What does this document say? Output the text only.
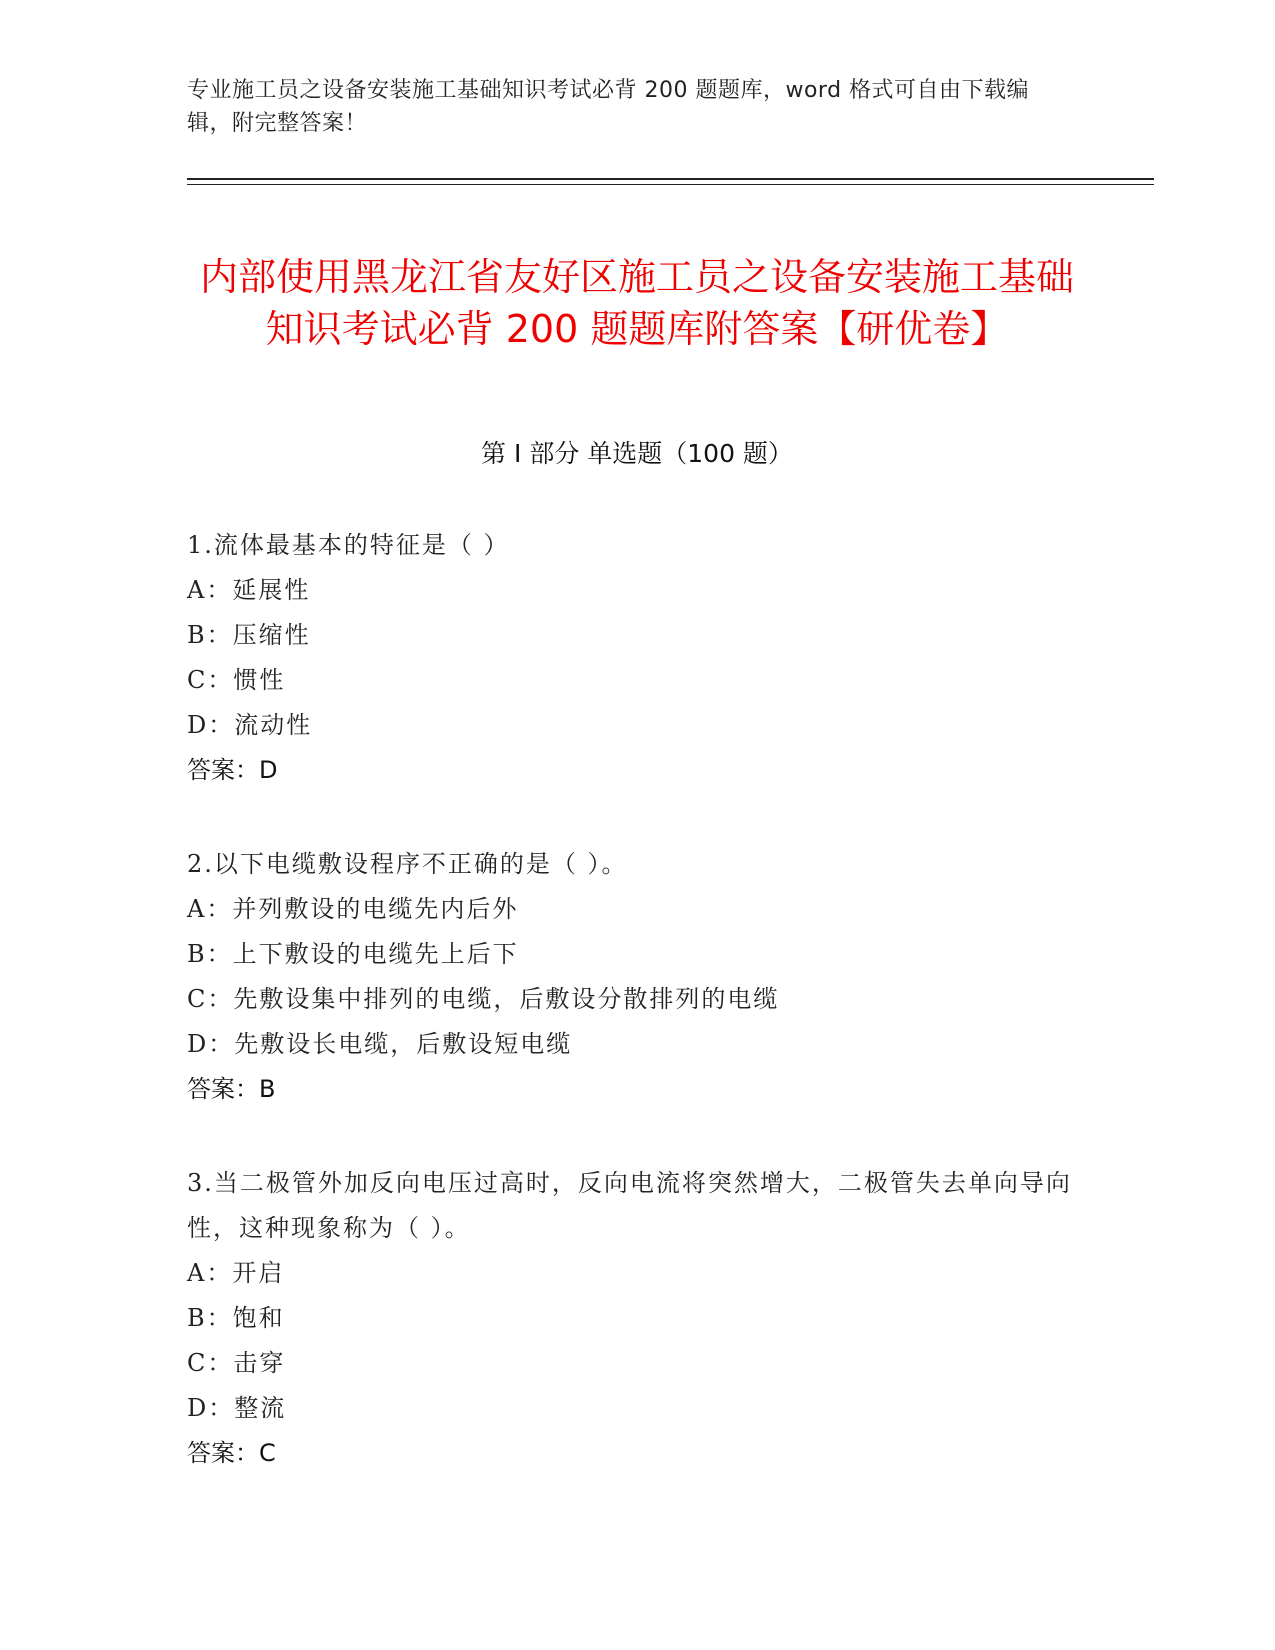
专业施工员之设备安装施工基础知识考试必背 200 题题库，word 格式可自由下载编辑，附完整答案！
内部使用黑龙江省友好区施工员之设备安装施工基础知识考试必背 200 题题库附答案【研优卷】
第 I 部分 单选题（100 题）
1.流体最基本的特征是（ ）
A：延展性
B：压缩性
C：惯性
D：流动性
答案：D
2.以下电缆敷设程序不正确的是（ ）。
A：并列敷设的电缆先内后外
B：上下敷设的电缆先上后下
C：先敷设集中排列的电缆，后敷设分散排列的电缆
D：先敷设长电缆，后敷设短电缆
答案：B
3.当二极管外加反向电压过高时，反向电流将突然增大，二极管失去单向导向性，这种现象称为（ ）。
A：开启
B：饱和
C：击穿
D：整流
答案：C
